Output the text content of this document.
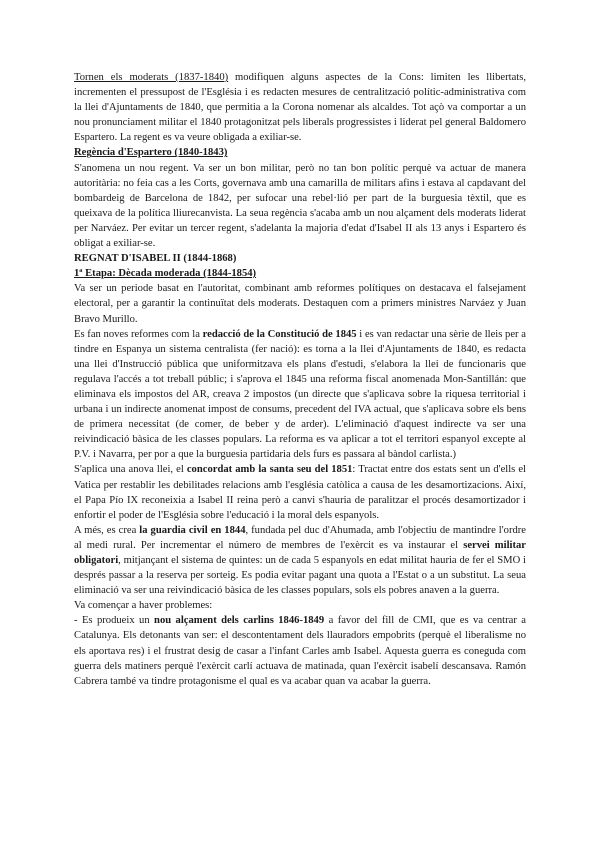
Tornen els moderats (1837-1840) modifiquen alguns aspectes de la Cons: limiten les llibertats, incrementen el pressupost de l'Església i es redacten mesures de centralització polític-administrativa com la llei d'Ajuntaments de 1840, que permitia a la Corona nomenar als alcaldes. Tot açò va comportar a un nou pronunciament militar el 1840 protagonitzat pels liberals progressistes i liderat pel general Baldomero Espartero. La regent es va veure obligada a exiliar-se.

Regència d'Espartero (1840-1843)

S'anomena un nou regent. Va ser un bon militar, però no tan bon polític perquè va actuar de manera autoritària: no feia cas a les Corts, governava amb una camarilla de militars afins i estava al capdavant del bombardeig de Barcelona de 1842, per sufocar una rebel·lió per part de la burguesia tèxtil, que es queixava de la política lliurecanvista. La seua regència s'acaba amb un nou alçament dels moderats liderat per Narváez. Per evitar un tercer regent, s'adelanta la majoria d'edat d'Isabel II als 13 anys i Espartero és obligat a exiliar-se.

REGNAT D'ISABEL II (1844-1868)
1ª Etapa: Dècada moderada (1844-1854)

Va ser un periode basat en l'autoritat, combinant amb reformes polítiques on destacava el falsejament electoral, per a garantir la continuïtat dels moderats. Destaquen com a primers ministres Narváez y Juan Bravo Murillo.

Es fan noves reformes com la redacció de la Constitució de 1845 i es van redactar una sèrie de lleis per a tindre en Espanya un sistema centralista (fer nació): es torna a la llei d'Ajuntaments de 1840, es redacta una llei d'Instrucció pública que uniformitzava els plans d'estudi, s'elabora la llei de funcionaris que regulava l'accés a tot treball públic; i s'aprova el 1845 una reforma fiscal anomenada Mon-Santillán: que eliminava els impostos del AR, creava 2 impostos (un directe que s'aplicava sobre la riquesa territorial i urbana i un indirecte anomenat impost de consums, precedent del IVA actual, que s'aplicava sobre els bens de primera necessitat (de comer, de beber y de arder). L'eliminació d'aquest indirecte va ser una reivindicació bàsica de les classes populars. La reforma es va aplicar a tot el territori espanyol excepte al P.V. i Navarra, per por a que la burguesia partidaria dels furs es passara al bàndol carlista.)

S'aplica una anova llei, el concordat amb la santa seu del 1851: Tractat entre dos estats sent un d'ells el Vatica per restablir les debilitades relacions amb l'església catòlica a causa de les desamortizacions. Així, el Papa Pío IX reconeixia a Isabel II reina però a canvi s'hauria de paralitzar el procés desamortizador i enfortir el poder de l'Església sobre l'educació i la moral dels espanyols.

A més, es crea la guardia civil en 1844, fundada pel duc d'Ahumada, amb l'objectiu de mantindre l'ordre al medi rural. Per incrementar el número de membres de l'exèrcit es va instaurar el servei militar obligatori, mitjançant el sistema de quintes: un de cada 5 espanyols en edat militat hauria de fer el SMO i després passar a la reserva per sorteig. Es podia evitar pagant una quota a l'Estat o a un substitut. La seua eliminació va ser una reivindicació bàsica de les classes populars, sols els pobres anaven a la guerra.

Va començar a haver problemes:

- Es produeix un nou alçament dels carlins 1846-1849 a favor del fill de CMI, que es va centrar a Catalunya. Els detonants van ser: el descontentament dels llauradors empobrits (perquè el liberalisme no els aportava res) i el frustrat desig de casar a l'infant Carles amb Isabel. Aquesta guerra es coneguda com guerra dels matiners perquè l'exèrcit carlí actuava de matinada, quan l'exèrcit isabelí descansava. Ramón Cabrera també va tindre protagonisme el qual es va acabar quan va acabar la guerra.
